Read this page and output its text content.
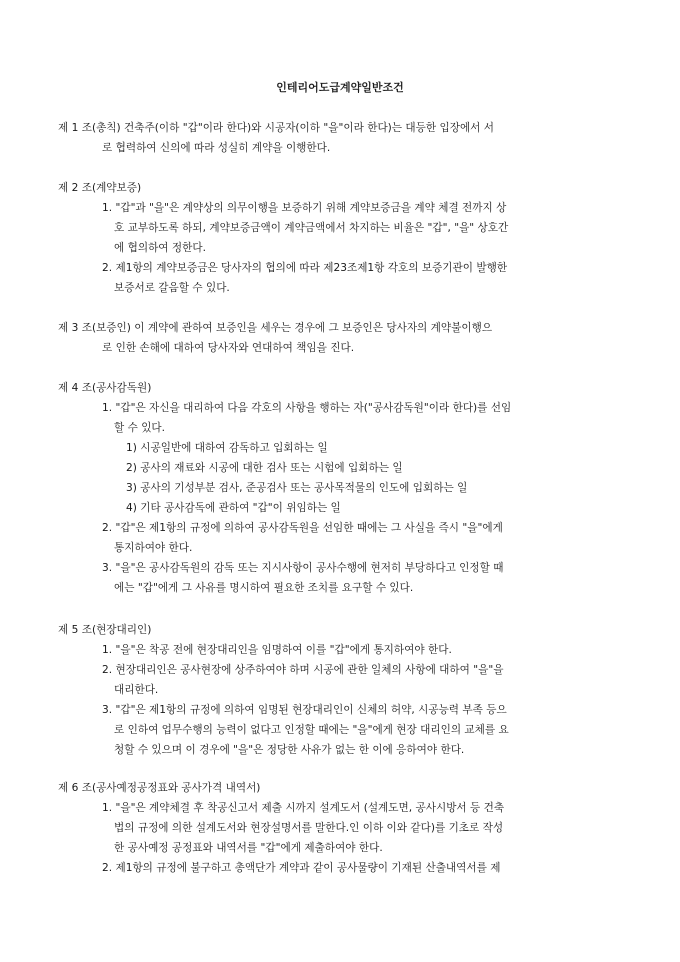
인테리어도급계약일반조건
제 1 조(총칙) 건축주(이하 "갑"이라 한다)와 시공자(이하 "을"이라 한다)는 대등한 입장에서 서
로 협력하여 신의에 따라 성실히 계약을 이행한다.
제 2 조(계약보증)
1. "갑"과 "을"은 계약상의 의무이행을 보증하기 위해 계약보증금을 계약 체결 전까지 상
호 교부하도록 하되, 계약보증금액이 계약금액에서 차지하는 비율은 "갑", "을" 상호간
에 협의하여 정한다.
2. 제1항의 계약보증금은 당사자의 협의에 따라 제23조제1항 각호의 보증기관이 발행한
보증서로 갈음할 수 있다.
제 3 조(보증인) 이 계약에 관하여 보증인을 세우는 경우에 그 보증인은 당사자의 계약불이행으
로 인한 손해에 대하여 당사자와 연대하여 책임을 진다.
제 4 조(공사감독원)
1. "갑"은 자신을 대리하여 다음 각호의 사항을 행하는 자("공사감독원"이라 한다)를 선임
할 수 있다.
1) 시공일반에 대하여 감독하고 입회하는 일
2) 공사의 재료와 시공에 대한 검사 또는 시험에 입회하는 일
3) 공사의 기성부분 검사, 준공검사 또는 공사목적물의 인도에 입회하는 일
4) 기타 공사감독에 관하여 "갑"이 위임하는 일
2. "갑"은 제1항의 규정에 의하여 공사감독원을 선임한 때에는 그 사실을 즉시 "을"에게
통지하여야 한다.
3. "을"은 공사감독원의 감독 또는 지시사항이 공사수행에 현저히 부당하다고 인정할 때
에는 "갑"에게 그 사유를 명시하여 필요한 조치를 요구할 수 있다.
제 5 조(현장대리인)
1. "을"은 착공 전에 현장대리인을 임명하여 이를 "갑"에게 통지하여야 한다.
2. 현장대리인은 공사현장에 상주하여야 하며 시공에 관한 일체의 사항에 대하여 "을"을
대리한다.
3. "갑"은 제1항의 규정에 의하여 임명된 현장대리인이 신체의 허약, 시공능력 부족 등으
로 인하여 업무수행의 능력이 없다고 인정할 때에는 "을"에게 현장 대리인의 교체를 요
청할 수 있으며 이 경우에 "을"은 정당한 사유가 없는 한 이에 응하여야 한다.
제 6 조(공사예정공정표와 공사가격 내역서)
1. "을"은 계약체결 후 착공신고서 제출 시까지 설계도서 (설계도면, 공사시방서 등 건축
법의 규정에 의한 설계도서와 현장설명서를 말한다.인 이하 이와 같다)를 기초로 작성
한 공사예정 공정표와 내역서를 "갑"에게 제출하여야 한다.
2. 제1항의 규정에 불구하고 총액단가 계약과 같이 공사물량이 기재된 산출내역서를 제
